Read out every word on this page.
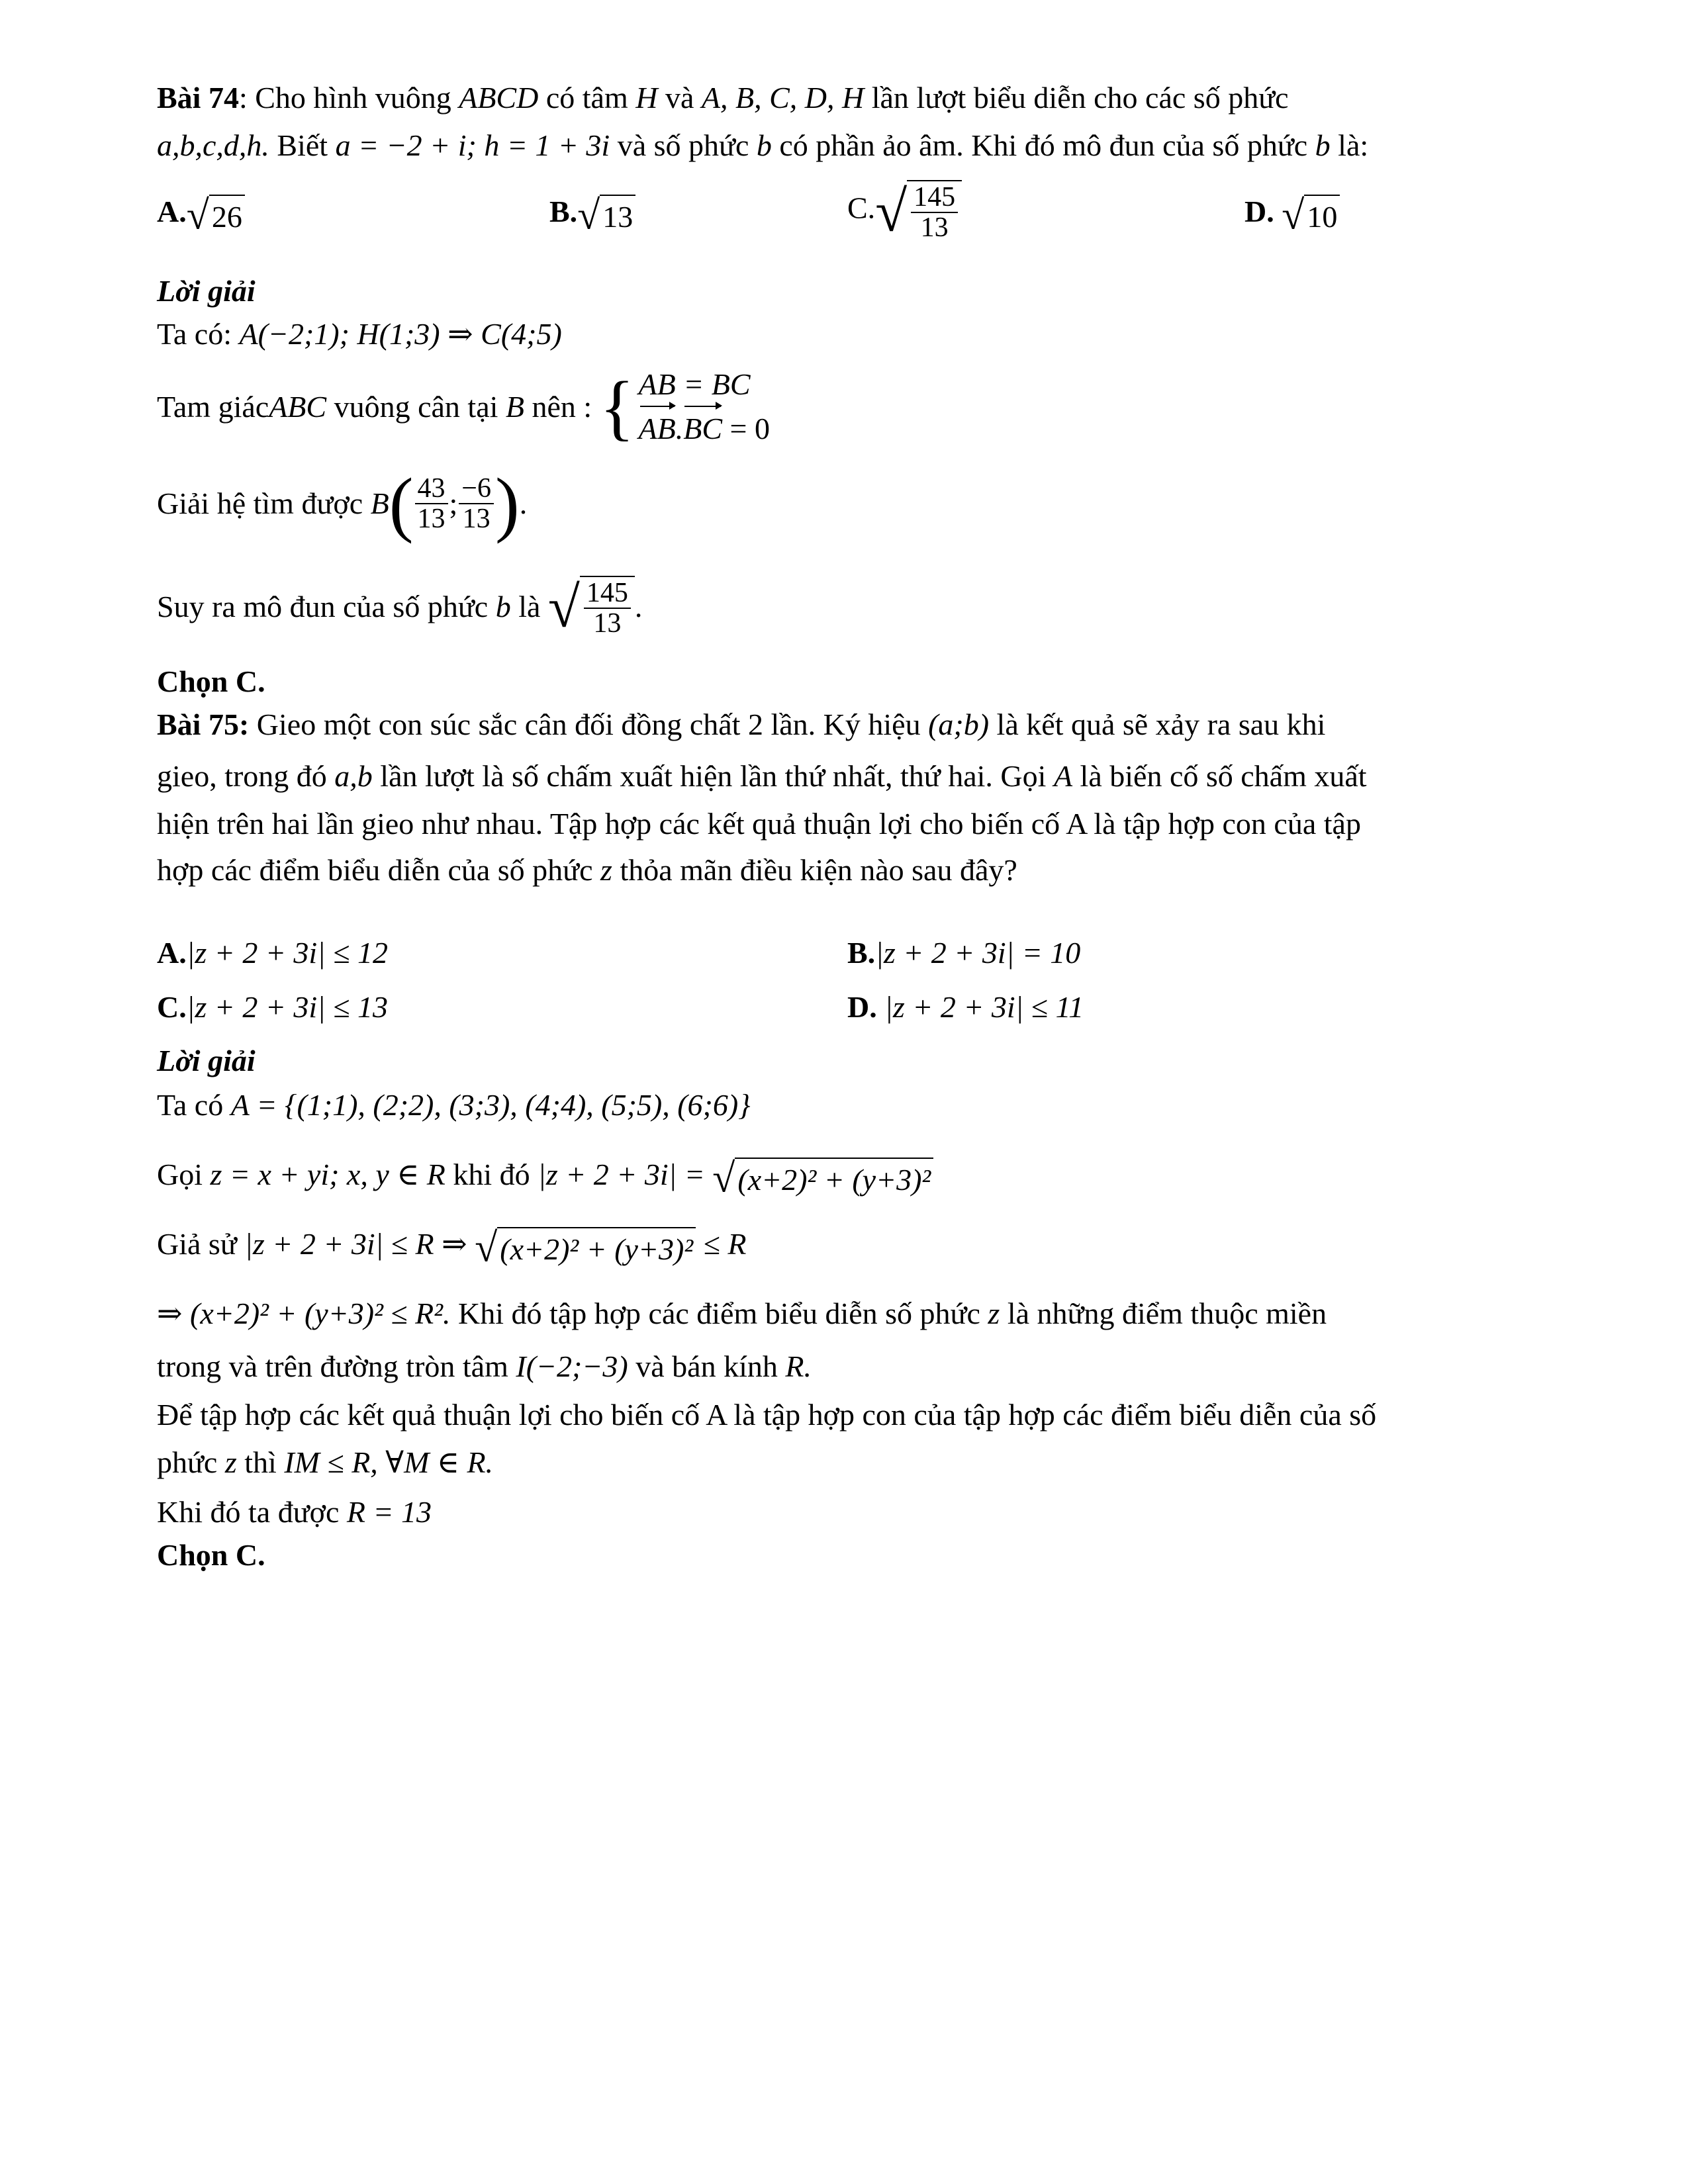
Bài 74: Cho hình vuông ABCD có tâm H và A, B, C, D, H lần lượt biểu diễn cho các số phức
a,b,c,d,h. Biết a = −2 + i; h = 1 + 3i và số phức b có phần ảo âm. Khi đó mô đun của số phức b là:
A.√26	B.√13	$C.√ \frac{145}{13}$	D. √10
Lời giải
Ta có: A(−2;1); H(1;3) ⇒ C(4;5)
Tam giácABC vuông cân tại B nên : { AB = BC
AB.BC = 0
Giải hệ tìm được $B( \frac{43}{13}$ ; $\frac{-6}{13}$ ).
Suy ra mô đun của số phức b là √ $\frac{145}{13}$ .
Chọn C.
Bài 75: Gieo một con súc sắc cân đối đồng chất 2 lần. Ký hiệu (a;b) là kết quả sẽ xảy ra sau khi
gieo, trong đó a,b lần lượt là số chấm xuất hiện lần thứ nhất, thứ hai. Gọi A là biến cố số chấm xuất
hiện trên hai lần gieo như nhau. Tập hợp các kết quả thuận lợi cho biến cố A là tập hợp con của tập
hợp các điểm biểu diễn của số phức z thỏa mãn điều kiện nào sau đây?
A.|z + 2 + 3i| ≤ 12	B.|z + 2 + 3i| = 10
C.|z + 2 + 3i| ≤ 13	D. |z + 2 + 3i| ≤ 11
Lời giải
Ta có A = {(1;1), (2;2), (3;3), (4;4), (5;5), (6;6)}
Gọi z = x + yi; x, y ∈ R khi đó |z + 2 + 3i| = √(x+2)² + (y+3)²
Giả sử |z + 2 + 3i| ≤ R ⇒ √(x+2)² + (y+3)² ≤ R
⇒ (x+2)² + (y+3)² ≤ R². Khi đó tập hợp các điểm biểu diễn số phức z là những điểm thuộc miền
trong và trên đường tròn tâm I(−2;−3) và bán kính R.
Để tập hợp các kết quả thuận lợi cho biến cố A là tập hợp con của tập hợp các điểm biểu diễn của số
phức z thì IM ≤ R, ∀M ∈ R.
Khi đó ta được R = 13
Chọn C.
